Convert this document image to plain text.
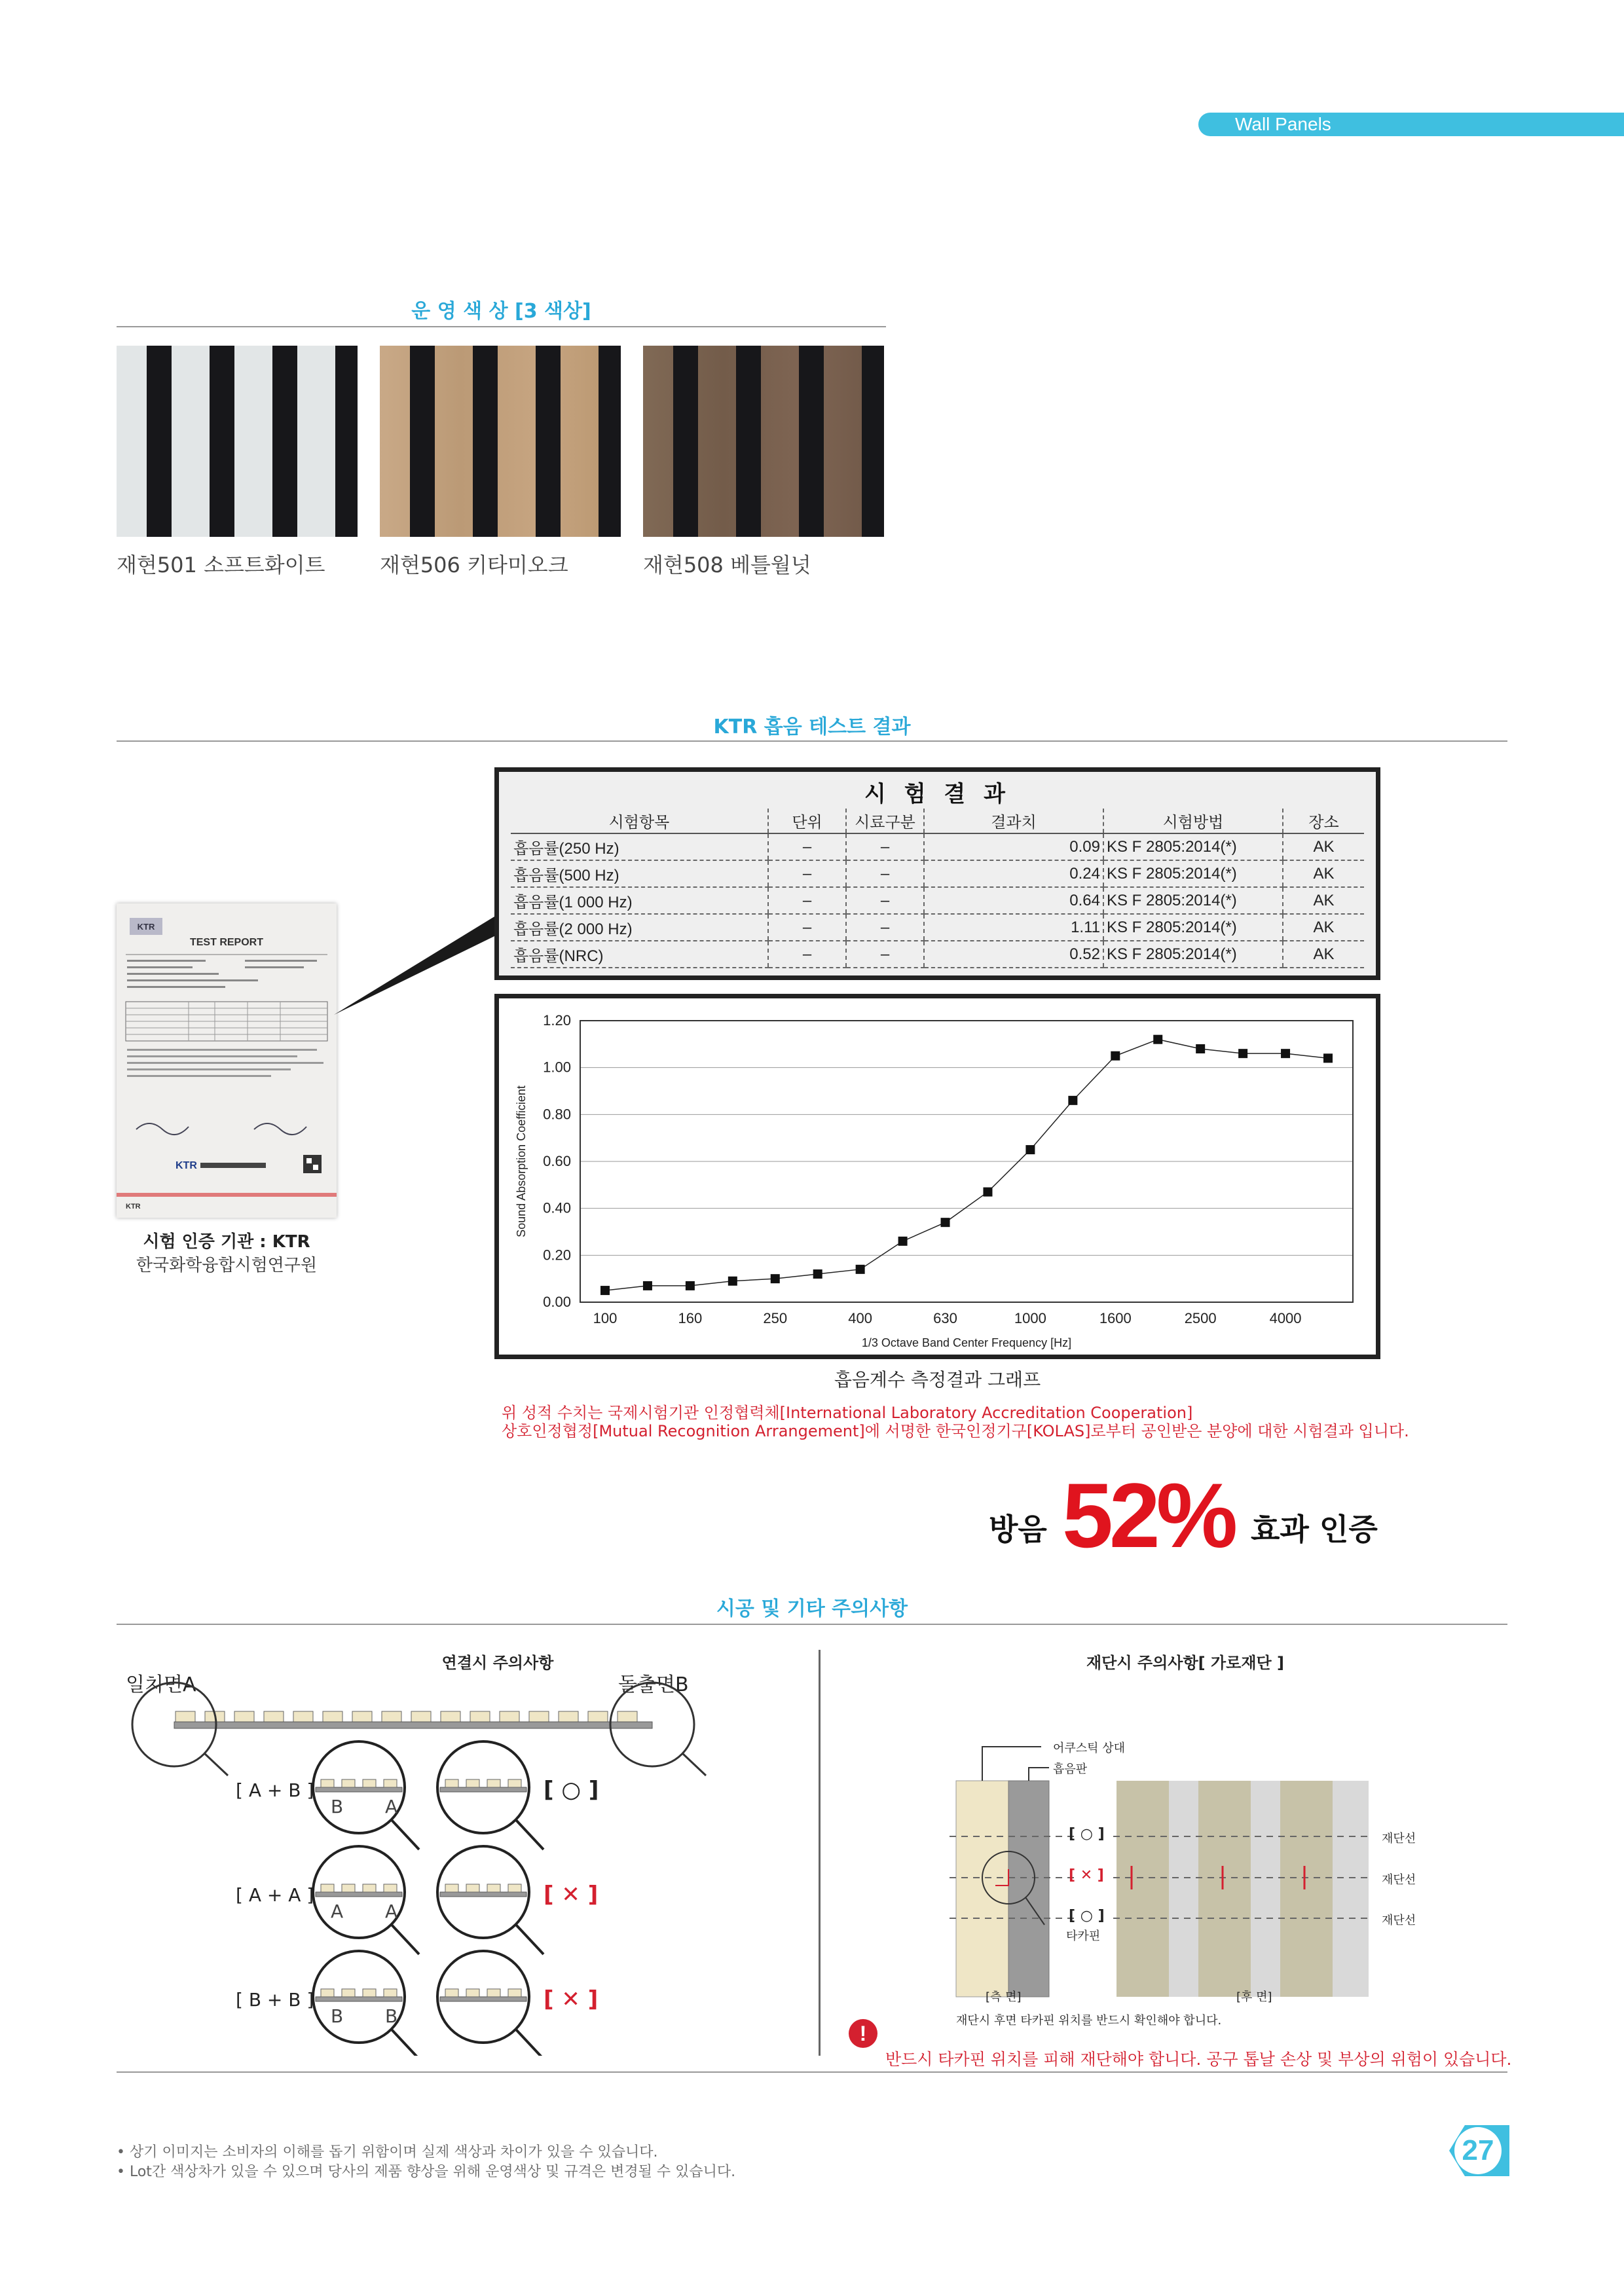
Wall Panels
운 영 색 상 [3 색상]
재현501 소프트화이트	재현506 키타미오크	재현508 베틀월넛
KTR 흡음 테스트 결과
KTR
TEST REPORT
KTR
KTR
시험 인증 기관 : KTR
한국화학융합시험연구원
시 험 결 과
시험항목	단위	시료구분	결과치	시험방법	장소
흡음률(250 Hz)	–	–	0.09	KS F 2805:2014(*)	AK
흡음률(500 Hz)	–	–	0.24	KS F 2805:2014(*)	AK
흡음률(1 000 Hz)	–	–	0.64	KS F 2805:2014(*)	AK
흡음률(2 000 Hz)	–	–	1.11	KS F 2805:2014(*)	AK
흡음률(NRC)	–	–	0.52	KS F 2805:2014(*)	AK
0.00
0.20
0.40
0.60
0.80
1.00
1.20
100	160	250	400	630	1000	1600	2500	4000
1/3 Octave Band Center Frequency [Hz]
Sound Absorption Coefficient
흡음계수 측정결과 그래프
위 성적 수치는 국제시험기관 인정협력체[International Laboratory Accreditation Cooperation]
상호인정협정[Mutual Recognition Arrangement]에 서명한 한국인정기구[KOLAS]로부터 공인받은 분양에 대한 시험결과 입니다.
방음 52% 효과 인증
시공 및 기타 주의사항
연결시 주의사항
일치면A	돌출면B
[ A + B ]
[ A + A ]
[ B + B ]
B A
A A
B B
[ ○ ]
[ ✕ ]
[ ✕ ]
재단시 주의사항[ 가로재단 ]
어쿠스틱 상대
흡음판
타카핀
[ ○ ]
[ ✕ ]
[ ○ ]
재단선
재단선
재단선
[측 면]	[후 면]
재단시 후면 타카핀 위치를 반드시 확인해야 합니다.
!
반드시 타카핀 위치를 피해 재단해야 합니다. 공구 톱날 손상 및 부상의 위험이 있습니다.
• 상기 이미지는 소비자의 이해를 돕기 위함이며 실제 색상과 차이가 있을 수 있습니다.
• Lot간 색상차가 있을 수 있으며 당사의 제품 향상을 위해 운영색상 및 규격은 변경될 수 있습니다.
27
